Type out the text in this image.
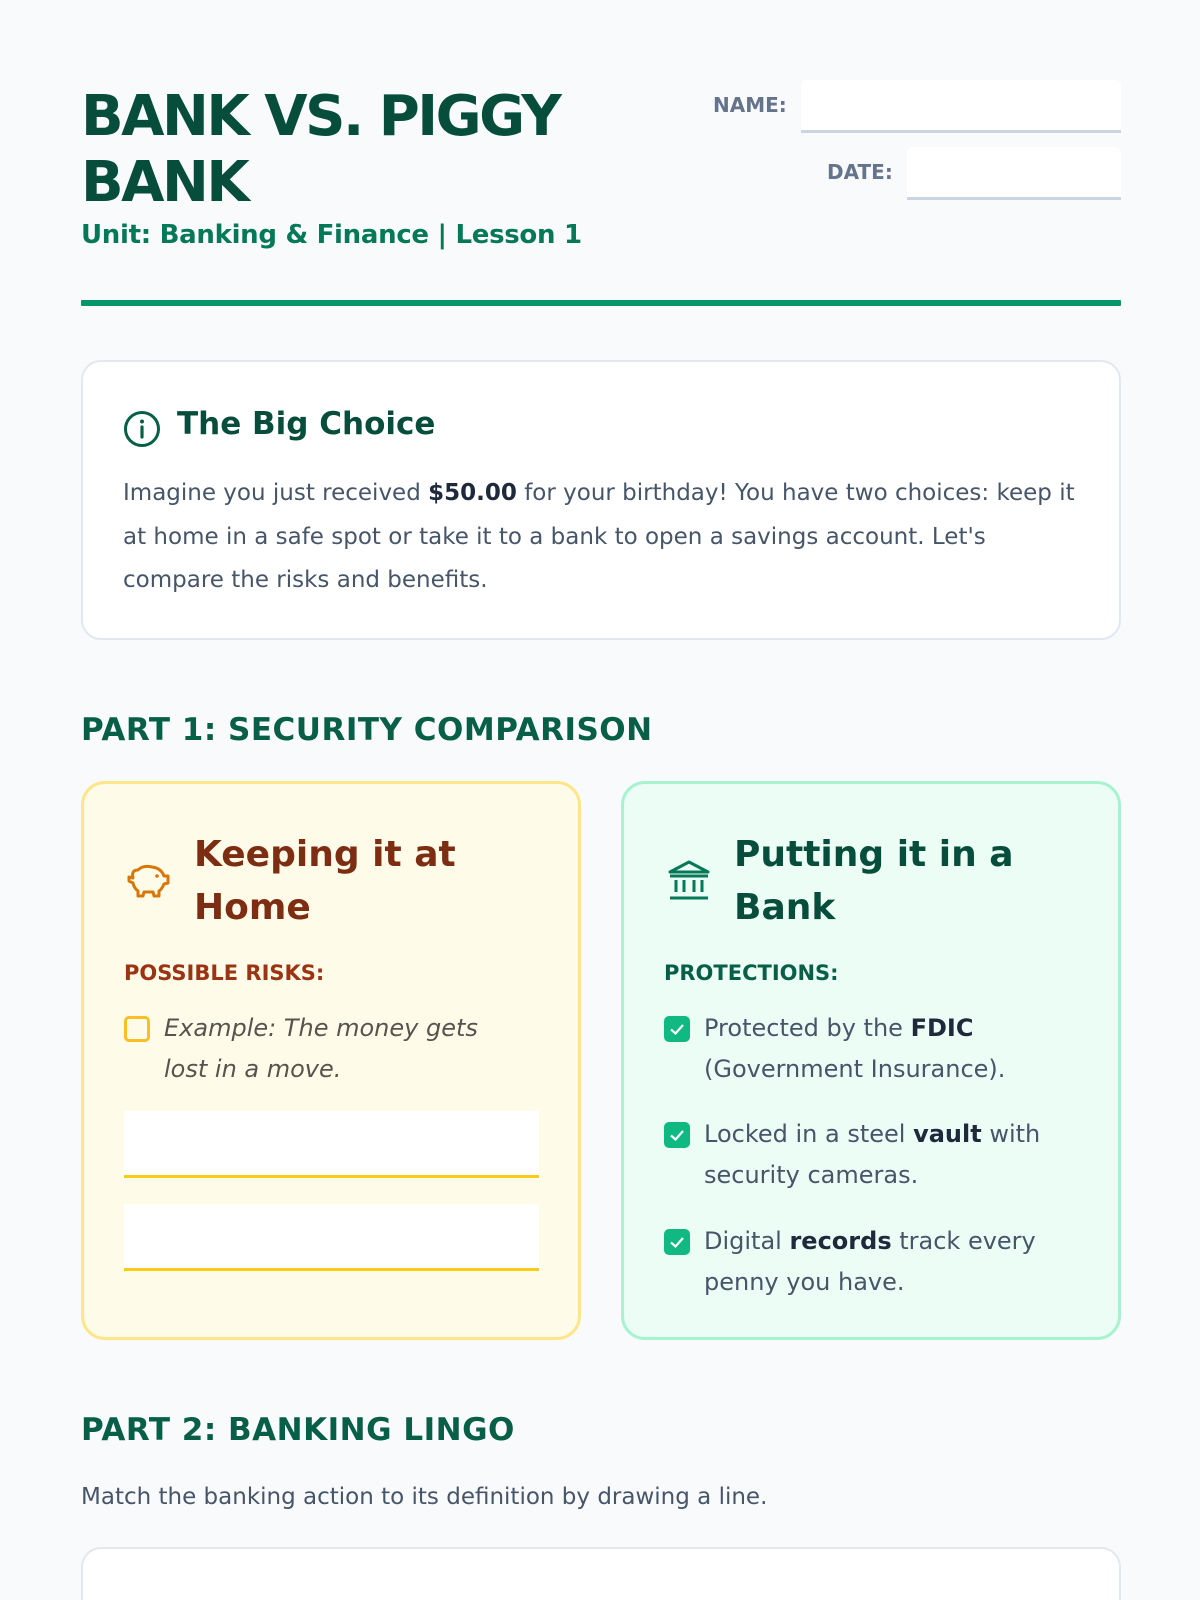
BANK VS. PIGGY BANK
Unit: Banking & Finance | Lesson 1
NAME:
DATE:
The Big Choice

Imagine you just received $50.00 for your birthday! You have two choices: keep it at home in a safe spot or take it to a bank to open a savings account. Let's compare the risks and benefits.

PART 1: SECURITY COMPARISON
Keeping it at Home
POSSIBLE RISKS:
Example: The money gets lost in a move.
Putting it in a Bank
PROTECTIONS:
Protected by the FDIC (Government Insurance).
Locked in a steel vault with security cameras.
Digital records track every penny you have.
PART 2: BANKING LINGO

Match the banking action to its definition by drawing a line.
